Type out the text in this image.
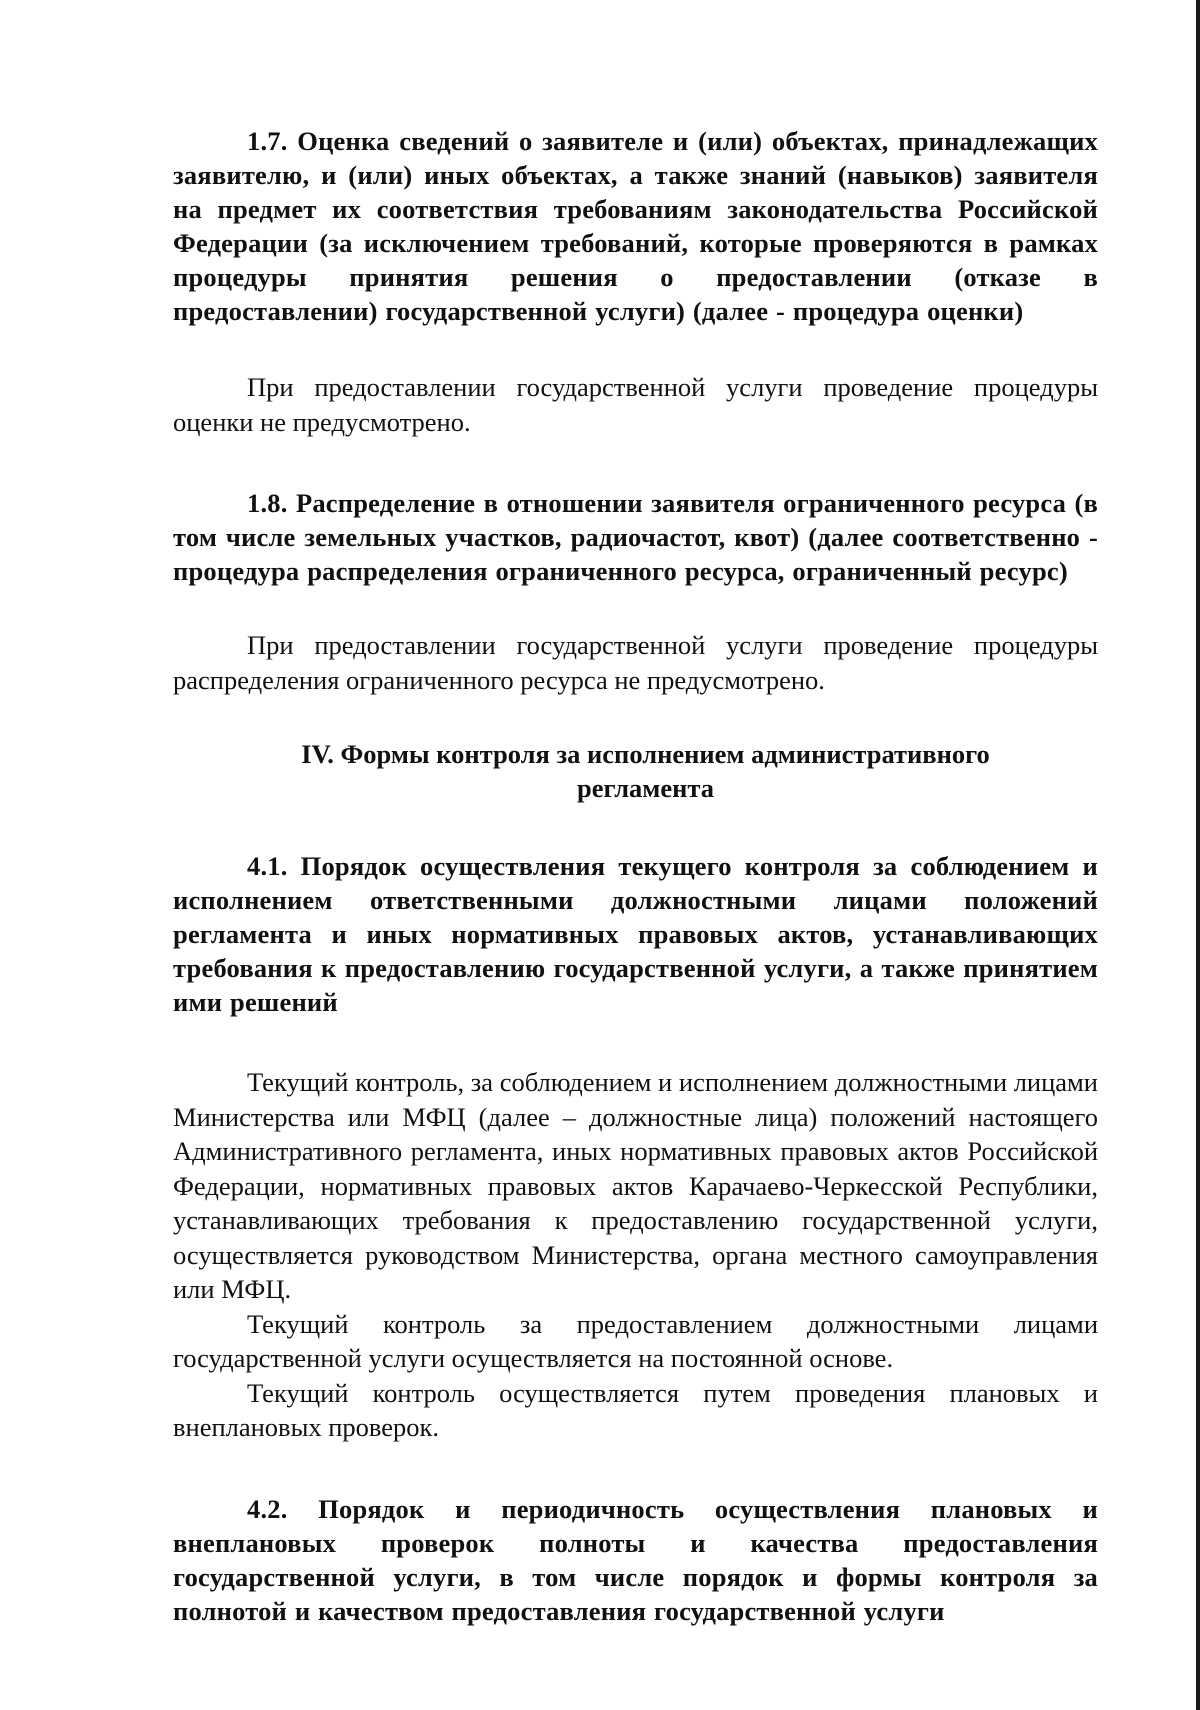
1.7. Оценка сведений о заявителе и (или) объектах, принадлежащих заявителю, и (или) иных объектах, а также знаний (навыков) заявителя на предмет их соответствия требованиям законодательства Российской Федерации (за исключением требований, которые проверяются в рамках процедуры принятия решения о предоставлении (отказе в предоставлении) государственной услуги) (далее - процедура оценки)

При предоставлении государственной услуги проведение процедуры оценки не предусмотрено.

1.8. Распределение в отношении заявителя ограниченного ресурса (в том числе земельных участков, радиочастот, квот) (далее соответственно - процедура распределения ограниченного ресурса, ограниченный ресурс)

При предоставлении государственной услуги проведение процедуры распределения ограниченного ресурса не предусмотрено.

IV. Формы контроля за исполнением административного
регламента

4.1. Порядок осуществления текущего контроля за соблюдением и исполнением ответственными должностными лицами положений регламента и иных нормативных правовых актов, устанавливающих требования к предоставлению государственной услуги, а также принятием ими решений

Текущий контроль, за соблюдением и исполнением должностными лицами Министерства или МФЦ (далее – должностные лица) положений настоящего Административного регламента, иных нормативных правовых актов Российской Федерации, нормативных правовых актов Карачаево-Черкесской Республики, устанавливающих требования к предоставлению государственной услуги, осуществляется руководством Министерства, органа местного самоуправления или МФЦ.

Текущий контроль за предоставлением должностными лицами государственной услуги осуществляется на постоянной основе.

Текущий контроль осуществляется путем проведения плановых и внеплановых проверок.

4.2. Порядок и периодичность осуществления плановых и внеплановых проверок полноты и качества предоставления государственной услуги, в том числе порядок и формы контроля за полнотой и качеством предоставления государственной услуги
